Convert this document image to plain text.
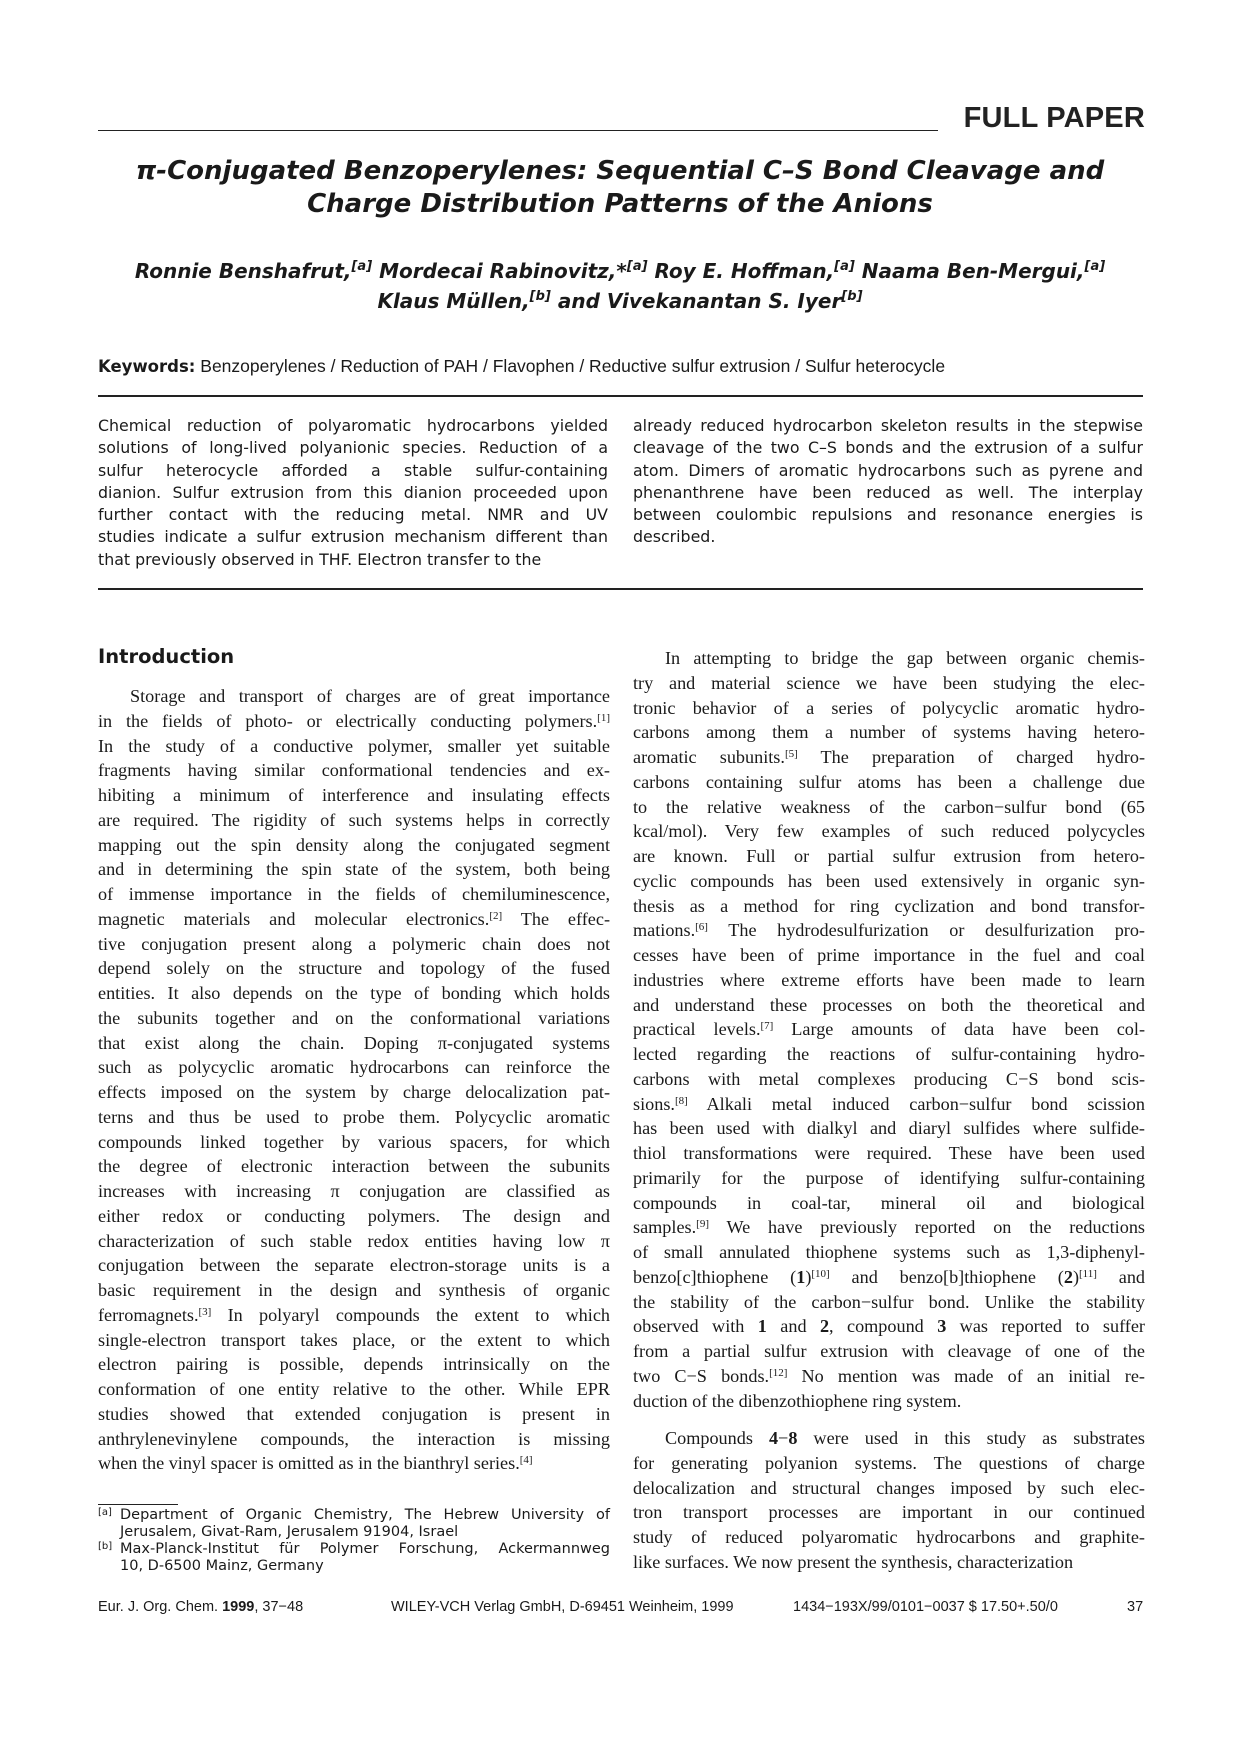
FULL PAPER
π-Conjugated Benzoperylenes: Sequential C–S Bond Cleavage and
Charge Distribution Patterns of the Anions
Ronnie Benshafrut,[a] Mordecai Rabinovitz,*[a] Roy E. Hoffman,[a] Naama Ben-Mergui,[a]
Klaus Müllen,[b] and Vivekanantan S. Iyer[b]
Keywords: Benzoperylenes / Reduction of PAH / Flavophen / Reductive sulfur extrusion / Sulfur heterocycle
Chemical reduction of polyaromatic hydrocarbons yielded
solutions of long-lived polyanionic species. Reduction of a
sulfur heterocycle afforded a stable sulfur-containing
dianion. Sulfur extrusion from this dianion proceeded upon
further contact with the reducing metal. NMR and UV
studies indicate a sulfur extrusion mechanism different than
that previously observed in THF. Electron transfer to the
already reduced hydrocarbon skeleton results in the stepwise
cleavage of the two C–S bonds and the extrusion of a sulfur
atom. Dimers of aromatic hydrocarbons such as pyrene and
phenanthrene have been reduced as well. The interplay
between coulombic repulsions and resonance energies is
described.
Introduction
Storage and transport of charges are of great importance
in the fields of photo- or electrically conducting polymers.[1]
In the study of a conductive polymer, smaller yet suitable
fragments having similar conformational tendencies and ex-
hibiting a minimum of interference and insulating effects
are required. The rigidity of such systems helps in correctly
mapping out the spin density along the conjugated segment
and in determining the spin state of the system, both being
of immense importance in the fields of chemiluminescence,
magnetic materials and molecular electronics.[2] The effec-
tive conjugation present along a polymeric chain does not
depend solely on the structure and topology of the fused
entities. It also depends on the type of bonding which holds
the subunits together and on the conformational variations
that exist along the chain. Doping π-conjugated systems
such as polycyclic aromatic hydrocarbons can reinforce the
effects imposed on the system by charge delocalization pat-
terns and thus be used to probe them. Polycyclic aromatic
compounds linked together by various spacers, for which
the degree of electronic interaction between the subunits
increases with increasing π conjugation are classified as
either redox or conducting polymers. The design and
characterization of such stable redox entities having low π
conjugation between the separate electron-storage units is a
basic requirement in the design and synthesis of organic
ferromagnets.[3] In polyaryl compounds the extent to which
single-electron transport takes place, or the extent to which
electron pairing is possible, depends intrinsically on the
conformation of one entity relative to the other. While EPR
studies showed that extended conjugation is present in
anthrylenevinylene compounds, the interaction is missing
when the vinyl spacer is omitted as in the bianthryl series.[4]
In attempting to bridge the gap between organic chemis-
try and material science we have been studying the elec-
tronic behavior of a series of polycyclic aromatic hydro-
carbons among them a number of systems having hetero-
aromatic subunits.[5] The preparation of charged hydro-
carbons containing sulfur atoms has been a challenge due
to the relative weakness of the carbon−sulfur bond (65
kcal/mol). Very few examples of such reduced polycycles
are known. Full or partial sulfur extrusion from hetero-
cyclic compounds has been used extensively in organic syn-
thesis as a method for ring cyclization and bond transfor-
mations.[6] The hydrodesulfurization or desulfurization pro-
cesses have been of prime importance in the fuel and coal
industries where extreme efforts have been made to learn
and understand these processes on both the theoretical and
practical levels.[7] Large amounts of data have been col-
lected regarding the reactions of sulfur-containing hydro-
carbons with metal complexes producing C−S bond scis-
sions.[8] Alkali metal induced carbon−sulfur bond scission
has been used with dialkyl and diaryl sulfides where sulfide-
thiol transformations were required. These have been used
primarily for the purpose of identifying sulfur-containing
compounds in coal-tar, mineral oil and biological
samples.[9] We have previously reported on the reductions
of small annulated thiophene systems such as 1,3-diphenyl-
benzo[c]thiophene (1)[10] and benzo[b]thiophene (2)[11] and
the stability of the carbon−sulfur bond. Unlike the stability
observed with 1 and 2, compound 3 was reported to suffer
from a partial sulfur extrusion with cleavage of one of the
two C−S bonds.[12] No mention was made of an initial re-
duction of the dibenzothiophene ring system.
Compounds 4−8 were used in this study as substrates
for generating polyanion systems. The questions of charge
delocalization and structural changes imposed by such elec-
tron transport processes are important in our continued
study of reduced polyaromatic hydrocarbons and graphite-
like surfaces. We now present the synthesis, characterization
[a] Department of Organic Chemistry, The Hebrew University of
Jerusalem, Givat-Ram, Jerusalem 91904, Israel
[b] Max-Planck-Institut für Polymer Forschung, Ackermannweg
10, D-6500 Mainz, Germany
Eur. J. Org. Chem. 1999, 37−48	WILEY-VCH Verlag GmbH, D-69451 Weinheim, 1999	1434−193X/99/0101−0037 $ 17.50+.50/0	37
